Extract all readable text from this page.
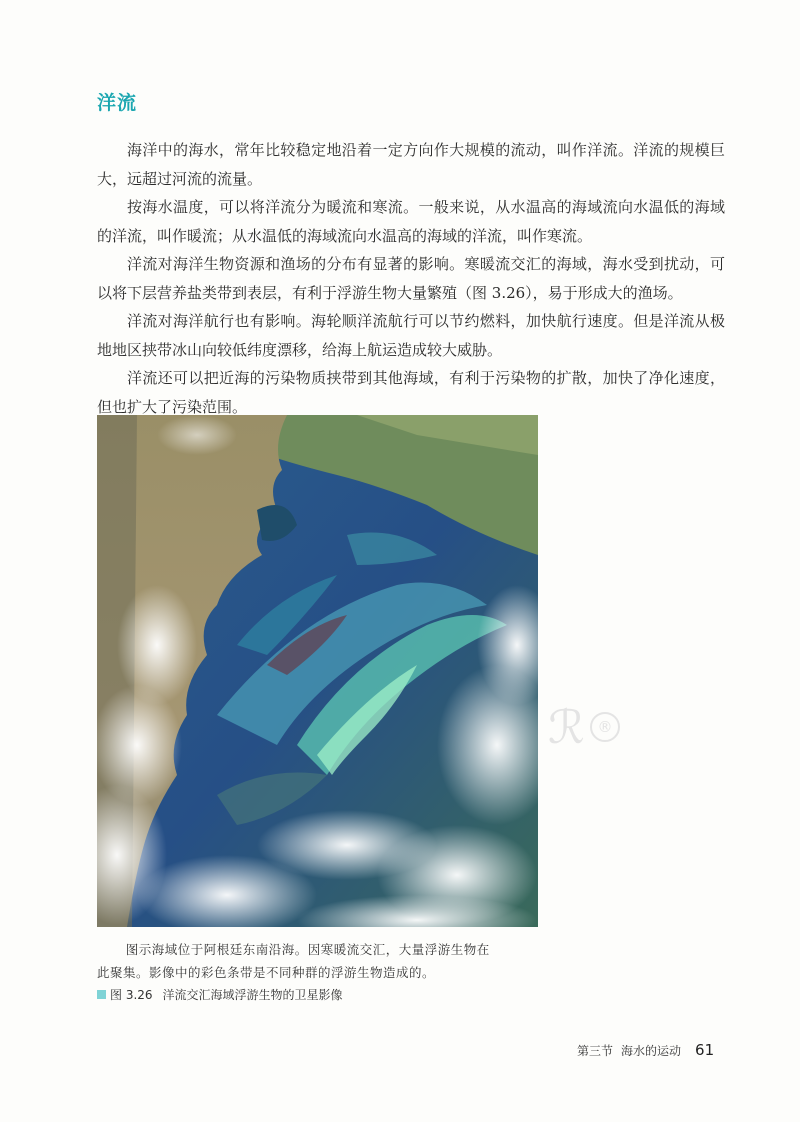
洋流

海洋中的海水，常年比较稳定地沿着一定方向作大规模的流动，叫作洋流。洋流的规模巨大，远超过河流的流量。

按海水温度，可以将洋流分为暖流和寒流。一般来说，从水温高的海域流向水温低的海域的洋流，叫作暖流；从水温低的海域流向水温高的海域的洋流，叫作寒流。

洋流对海洋生物资源和渔场的分布有显著的影响。寒暖流交汇的海域，海水受到扰动，可以将下层营养盐类带到表层，有利于浮游生物大量繁殖（图 3.26），易于形成大的渔场。

洋流对海洋航行也有影响。海轮顺洋流航行可以节约燃料，加快航行速度。但是洋流从极地地区挟带冰山向较低纬度漂移，给海上航运造成较大威胁。

洋流还可以把近海的污染物质挟带到其他海域，有利于污染物的扩散，加快了净化速度，但也扩大了污染范围。

ℛ ®
图示海域位于阿根廷东南沿海。因寒暖流交汇，大量浮游生物在此聚集。影像中的彩色条带是不同种群的浮游生物造成的。
图 3.26 洋流交汇海域浮游生物的卫星影像
第三节 海水的运动 61
